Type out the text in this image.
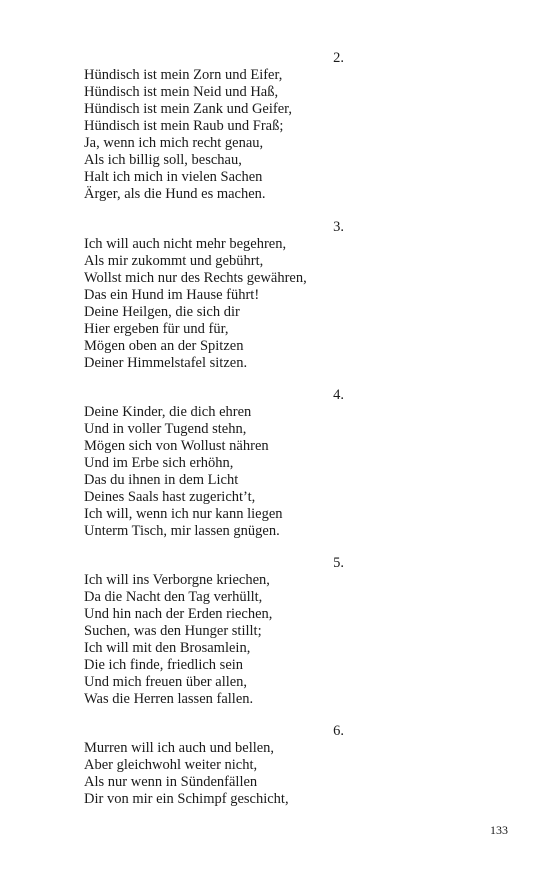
2.
Hündisch ist mein Zorn und Eifer,
Hündisch ist mein Neid und Haß,
Hündisch ist mein Zank und Geifer,
Hündisch ist mein Raub und Fraß;
Ja, wenn ich mich recht genau,
Als ich billig soll, beschau,
Halt ich mich in vielen Sachen
Ärger, als die Hund es machen.
3.
Ich will auch nicht mehr begehren,
Als mir zukommt und gebührt,
Wollst mich nur des Rechts gewähren,
Das ein Hund im Hause führt!
Deine Heilgen, die sich dir
Hier ergeben für und für,
Mögen oben an der Spitzen
Deiner Himmelstafel sitzen.
4.
Deine Kinder, die dich ehren
Und in voller Tugend stehn,
Mögen sich von Wollust nähren
Und im Erbe sich erhöhn,
Das du ihnen in dem Licht
Deines Saals hast zugericht’t,
Ich will, wenn ich nur kann liegen
Unterm Tisch, mir lassen gnügen.
5.
Ich will ins Verborgne kriechen,
Da die Nacht den Tag verhüllt,
Und hin nach der Erden riechen,
Suchen, was den Hunger stillt;
Ich will mit den Brosamlein,
Die ich finde, friedlich sein
Und mich freuen über allen,
Was die Herren lassen fallen.
6.
Murren will ich auch und bellen,
Aber gleichwohl weiter nicht,
Als nur wenn in Sündenfällen
Dir von mir ein Schimpf geschicht,
133
